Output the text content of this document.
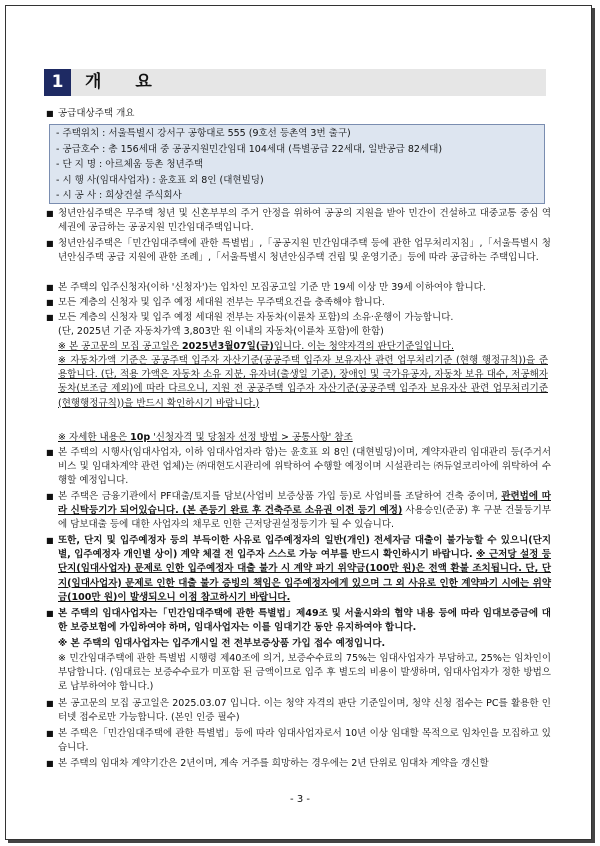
1	개 요
■ 공급대상주택 개요
- 주택위치 : 서울특별시 강서구 공항대로 555 (9호선 등촌역 3번 출구)
- 공급호수 : 총 156세대 중 공공지원민간임대 104세대 (특별공급 22세대, 일반공급 82세대)
- 단 지 명 : 아르체움 등촌 청년주택
- 시 행 사(임대사업자) : 윤호표 외 8인 (대현빌딩)
- 시 공 사 : 희상건설 주식회사
■ 청년안심주택은 무주택 청년 및 신혼부부의 주거 안정을 위하여 공공의 지원을 받아 민간이 건설하고 대중교통 중심 역세권에 공급하는 공공지원 민간임대주택입니다.
■ 청년안심주택은「민간임대주택에 관한 특별법」,「공공지원 민간임대주택 등에 관한 업무처리지침」,「서울특별시 청년안심주택 공급 지원에 관한 조례」,「서울특별시 청년안심주택 건립 및 운영기준」등에 따라 공급하는 주택입니다.
■ 본 주택의 입주신청자(이하 '신청자')는 입차인 모집공고일 기준 만 19세 이상 만 39세 이하여야 합니다.
■ 모든 계층의 신청자 및 입주 예정 세대원 전부는 무주택요건을 충족해야 합니다.
■ 모든 계층의 신청자 및 입주 예정 세대원 전부는 자동차(이륜차 포함)의 소유·운행이 가능합니다.
(단, 2025년 기준 자동차가액 3,803만 원 이내의 자동차(이륜차 포함)에 한함)
※ 본 공고문의 모집 공고일은 2025년3월07일(금)입니다. 이는 청약자격의 판단기준일입니다.
※ 자동차가액 기준은 공공주택 입주자 자산기준(공공주택 입주자 보유자산 관련 업무처리기준 (현행 행정규칙))을 준용합니다. (단, 적용 가액은 자동차 소유 지분, 유자녀(출생일 기준), 장애인 및 국가유공자, 자동차 보유 대수, 저공해자동차(보조금 제외)에 따라 다르오니, 지원 전 공공주택 입주자 자산기준(공공주택 입주자 보유자산 관련 업무처리기준(현행행정규칙))을 반드시 확인하시기 바랍니다.)
※ 자세한 내용은 10p '신청자격 및 당첨자 선정 방법 > 공통사항' 참조
■ 본 주택의 시행사(임대사업자, 이하 임대사업자라 함)는 윤호표 외 8인 (대현빌딩)이며, 계약자관리 임대관리 등(주거서비스 및 임대차계약 관련 업체)는 ㈜대현도시관리에 위탁하여 수행할 예정이며 시설관리는 ㈜듀얼코리아에 위탁하여 수행할 예정입니다.
■ 본 주택은 금융기관에서 PF대출/토지를 담보(사업비 보증상품 가입 등)로 사업비를 조달하여 건축 중이며, 관련법에 따라 신탁등기가 되어있습니다. (본 존등기 완료 후 건축주로 소유권 이전 등기 예정) 사용승인(준공) 후 구분 건물등기부에 담보대출 등에 대한 사업자의 채무로 인한 근저당권설정등기가 될 수 있습니다.
■ 또한, 단지 및 입주예정자 등의 부득이한 사유로 입주예정자의 일반(개인) 전세자금 대출이 불가능할 수 있으니(단지별, 입주예정자 개인별 상이) 계약 체결 전 입주자 스스로 가능 여부를 반드시 확인하시기 바랍니다. ※ 근저당 설정 등 단지(임대사업자) 문제로 인한 입주예정자 대출 불가 시 계약 파기 위약금(100만 원)은 전액 환불 조치됩니다. 단, 단지(임대사업자) 문제로 인한 대출 불가 증빙의 책임은 입주예정자에게 있으며 그 외 사유로 인한 계약파기 시에는 위약금(100만 원)이 발생되오니 이점 참고하시기 바랍니다.
■ 본 주택의 임대사업자는「민간임대주택에 관한 특별법」제49조 및 서울시와의 협약 내용 등에 따라 임대보증금에 대한 보증보험에 가입하여야 하며, 임대사업자는 이를 임대기간 동안 유지하여야 합니다.
※ 본 주택의 임대사업자는 입주개시일 전 전부보증상품 가입 접수 예정입니다.
※ 민간임대주택에 관한 특별법 시행령 제40조에 의거, 보증수수료의 75%는 임대사업자가 부담하고, 25%는 임차인이 부담합니다. (임대료는 보증수수료가 미포함 된 금액이므로 입주 후 별도의 비용이 발생하며, 임대사업자가 정한 방법으로 납부하여야 합니다.)
■ 본 공고문의 모집 공고일은 2025.03.07 입니다. 이는 청약 자격의 판단 기준일이며, 청약 신청 접수는 PC를 활용한 인터넷 접수로만 가능합니다. (본인 인증 필수)
■ 본 주택은「민간임대주택에 관한 특별법」등에 따라 임대사업자로서 10년 이상 임대할 목적으로 임차인을 모집하고 있습니다.
■ 본 주택의 임대차 계약기간은 2년이며, 계속 거주를 희망하는 경우에는 2년 단위로 임대차 계약을 갱신할
- 3 -
